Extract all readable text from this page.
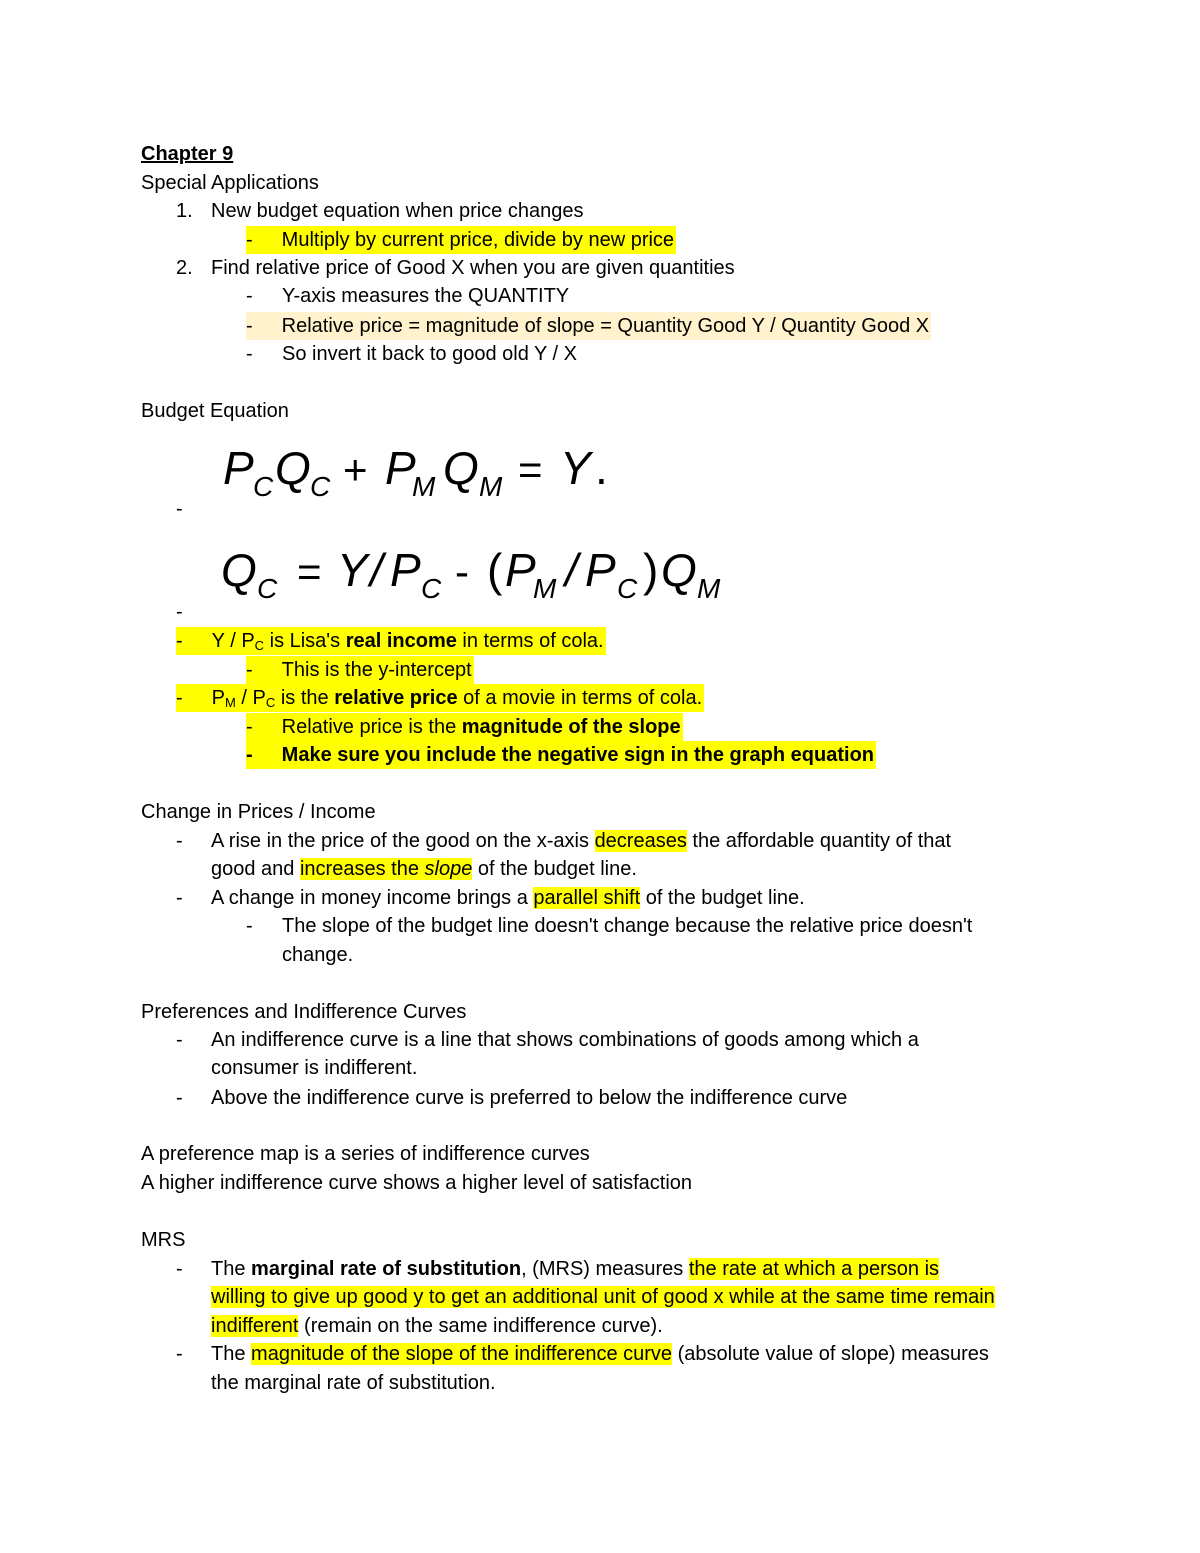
Chapter 9
Special Applications
1. New budget equation when price changes
- Multiply by current price, divide by new price
2. Find relative price of Good X when you are given quantities
- Y-axis measures the QUANTITY
- Relative price = magnitude of slope = Quantity Good Y / Quantity Good X
- So invert it back to good old Y / X
Budget Equation
P C Q C + P
M Q M = Y .
-
Q C = Y / P C - ( P
M / P C ) Q M
-
- Y / $P_C$ is Lisa's real income in terms of cola.
- This is the y-intercept
- $P_M / P_C$ is the relative price of a movie in terms of cola.
- Relative price is the magnitude of the slope
- Make sure you include the negative sign in the graph equation
Change in Prices / Income
- A rise in the price of the good on the x-axis decreases the affordable quantity of that
good and increases the slope of the budget line.
- A change in money income brings a parallel shift of the budget line.
- The slope of the budget line doesn't change because the relative price doesn't
change.
Preferences and Indifference Curves
- An indifference curve is a line that shows combinations of goods among which a
consumer is indifferent.
- Above the indifference curve is preferred to below the indifference curve
A preference map is a series of indifference curves
A higher indifference curve shows a higher level of satisfaction
MRS
- The marginal rate of substitution, (MRS) measures the rate at which a person is
willing to give up good y to get an additional unit of good x while at the same time remain
indifferent (remain on the same indifference curve).
- The magnitude of the slope of the indifference curve (absolute value of slope) measures
the marginal rate of substitution.
